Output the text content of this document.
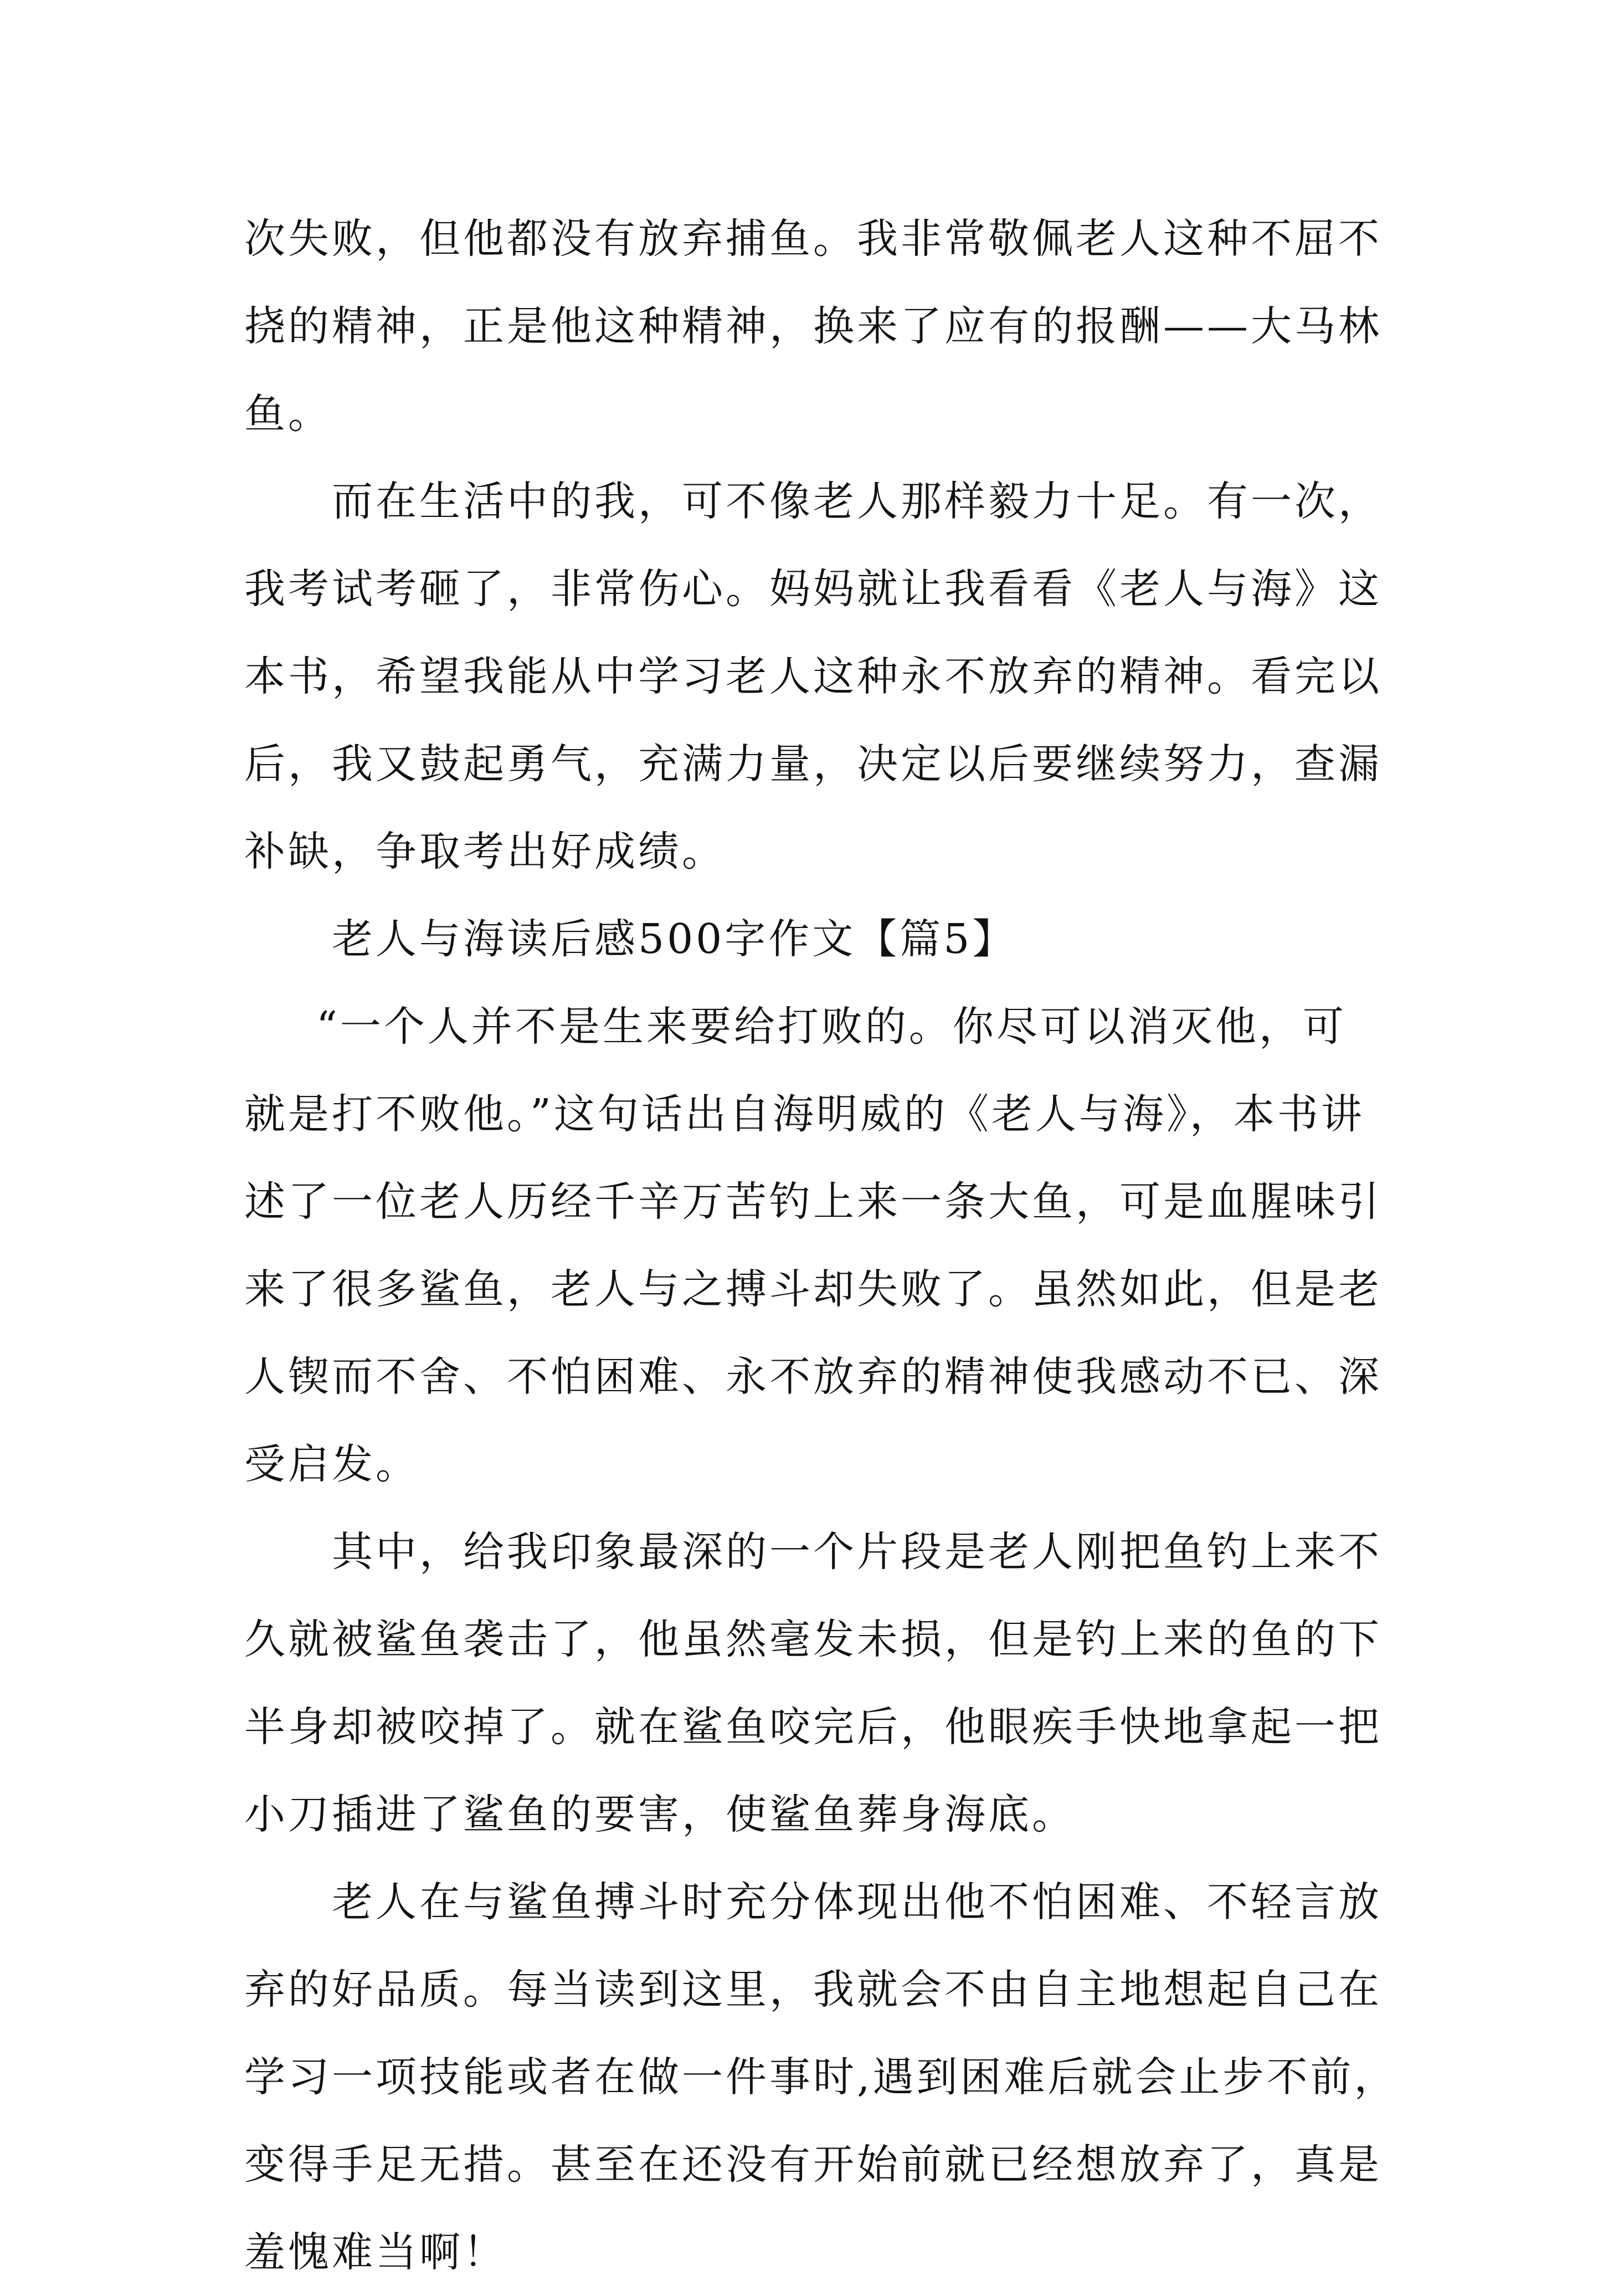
次失败，但他都没有放弃捕鱼。我非常敬佩老人这种不屈不
挠的精神，正是他这种精神，换来了应有的报酬——大马林
鱼。
而在生活中的我，可不像老人那样毅力十足。有一次，
我考试考砸了，非常伤心。妈妈就让我看看《老人与海》这
本书，希望我能从中学习老人这种永不放弃的精神。看完以
后，我又鼓起勇气，充满力量，决定以后要继续努力，查漏
补缺，争取考出好成绩。
老人与海读后感500字作文【篇5】
“一个人并不是生来要给打败的。你尽可以消灭他，可
就是打不败他。”这句话出自海明威的《老人与海》，本书讲
述了一位老人历经千辛万苦钓上来一条大鱼，可是血腥味引
来了很多鲨鱼，老人与之搏斗却失败了。虽然如此，但是老
人锲而不舍、不怕困难、永不放弃的精神使我感动不已、深
受启发。
其中，给我印象最深的一个片段是老人刚把鱼钓上来不
久就被鲨鱼袭击了，他虽然毫发未损，但是钓上来的鱼的下
半身却被咬掉了。就在鲨鱼咬完后，他眼疾手快地拿起一把
小刀插进了鲨鱼的要害，使鲨鱼葬身海底。
老人在与鲨鱼搏斗时充分体现出他不怕困难、不轻言放
弃的好品质。每当读到这里，我就会不由自主地想起自己在
学习一项技能或者在做一件事时,遇到困难后就会止步不前，
变得手足无措。甚至在还没有开始前就已经想放弃了，真是
羞愧难当啊！
